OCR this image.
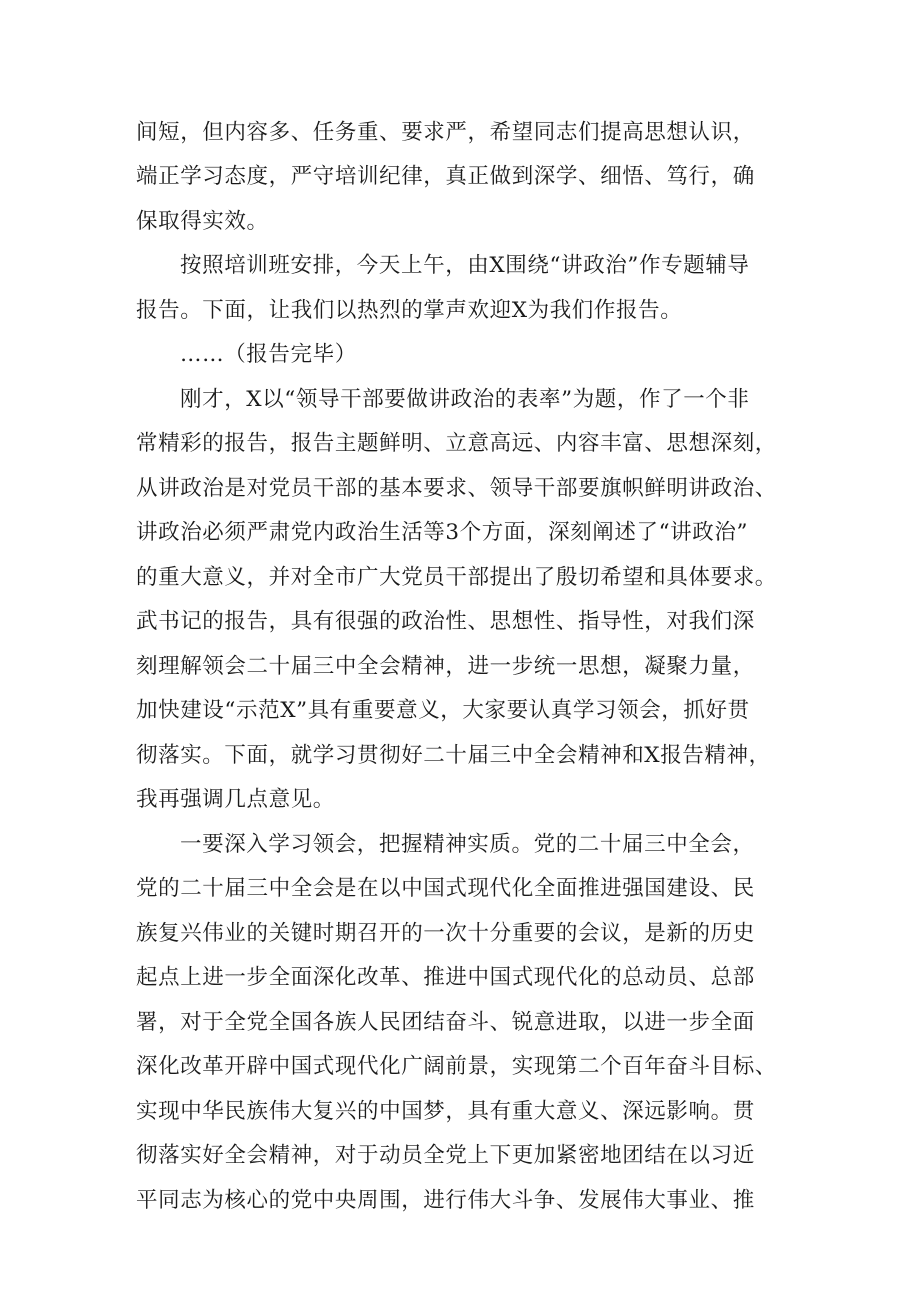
间短，但内容多、任务重、要求严，希望同志们提高思想认识，
端正学习态度，严守培训纪律，真正做到深学、细悟、笃行，确
保取得实效。
按照培训班安排，今天上午，由X围绕“讲政治”作专题辅导
报告。下面，让我们以热烈的掌声欢迎X为我们作报告。
……（报告完毕）
刚才，X以“领导干部要做讲政治的表率”为题，作了一个非
常精彩的报告，报告主题鲜明、立意高远、内容丰富、思想深刻，
从讲政治是对党员干部的基本要求、领导干部要旗帜鲜明讲政治、
讲政治必须严肃党内政治生活等3个方面，深刻阐述了“讲政治”
的重大意义，并对全市广大党员干部提出了殷切希望和具体要求。
武书记的报告，具有很强的政治性、思想性、指导性，对我们深
刻理解领会二十届三中全会精神，进一步统一思想，凝聚力量，
加快建设“示范X”具有重要意义，大家要认真学习领会，抓好贯
彻落实。下面，就学习贯彻好二十届三中全会精神和X报告精神，
我再强调几点意见。
一要深入学习领会，把握精神实质。党的二十届三中全会，
党的二十届三中全会是在以中国式现代化全面推进强国建设、民
族复兴伟业的关键时期召开的一次十分重要的会议，是新的历史
起点上进一步全面深化改革、推进中国式现代化的总动员、总部
署，对于全党全国各族人民团结奋斗、锐意进取，以进一步全面
深化改革开辟中国式现代化广阔前景，实现第二个百年奋斗目标、
实现中华民族伟大复兴的中国梦，具有重大意义、深远影响。贯
彻落实好全会精神，对于动员全党上下更加紧密地团结在以习近
平同志为核心的党中央周围，进行伟大斗争、发展伟大事业、推
